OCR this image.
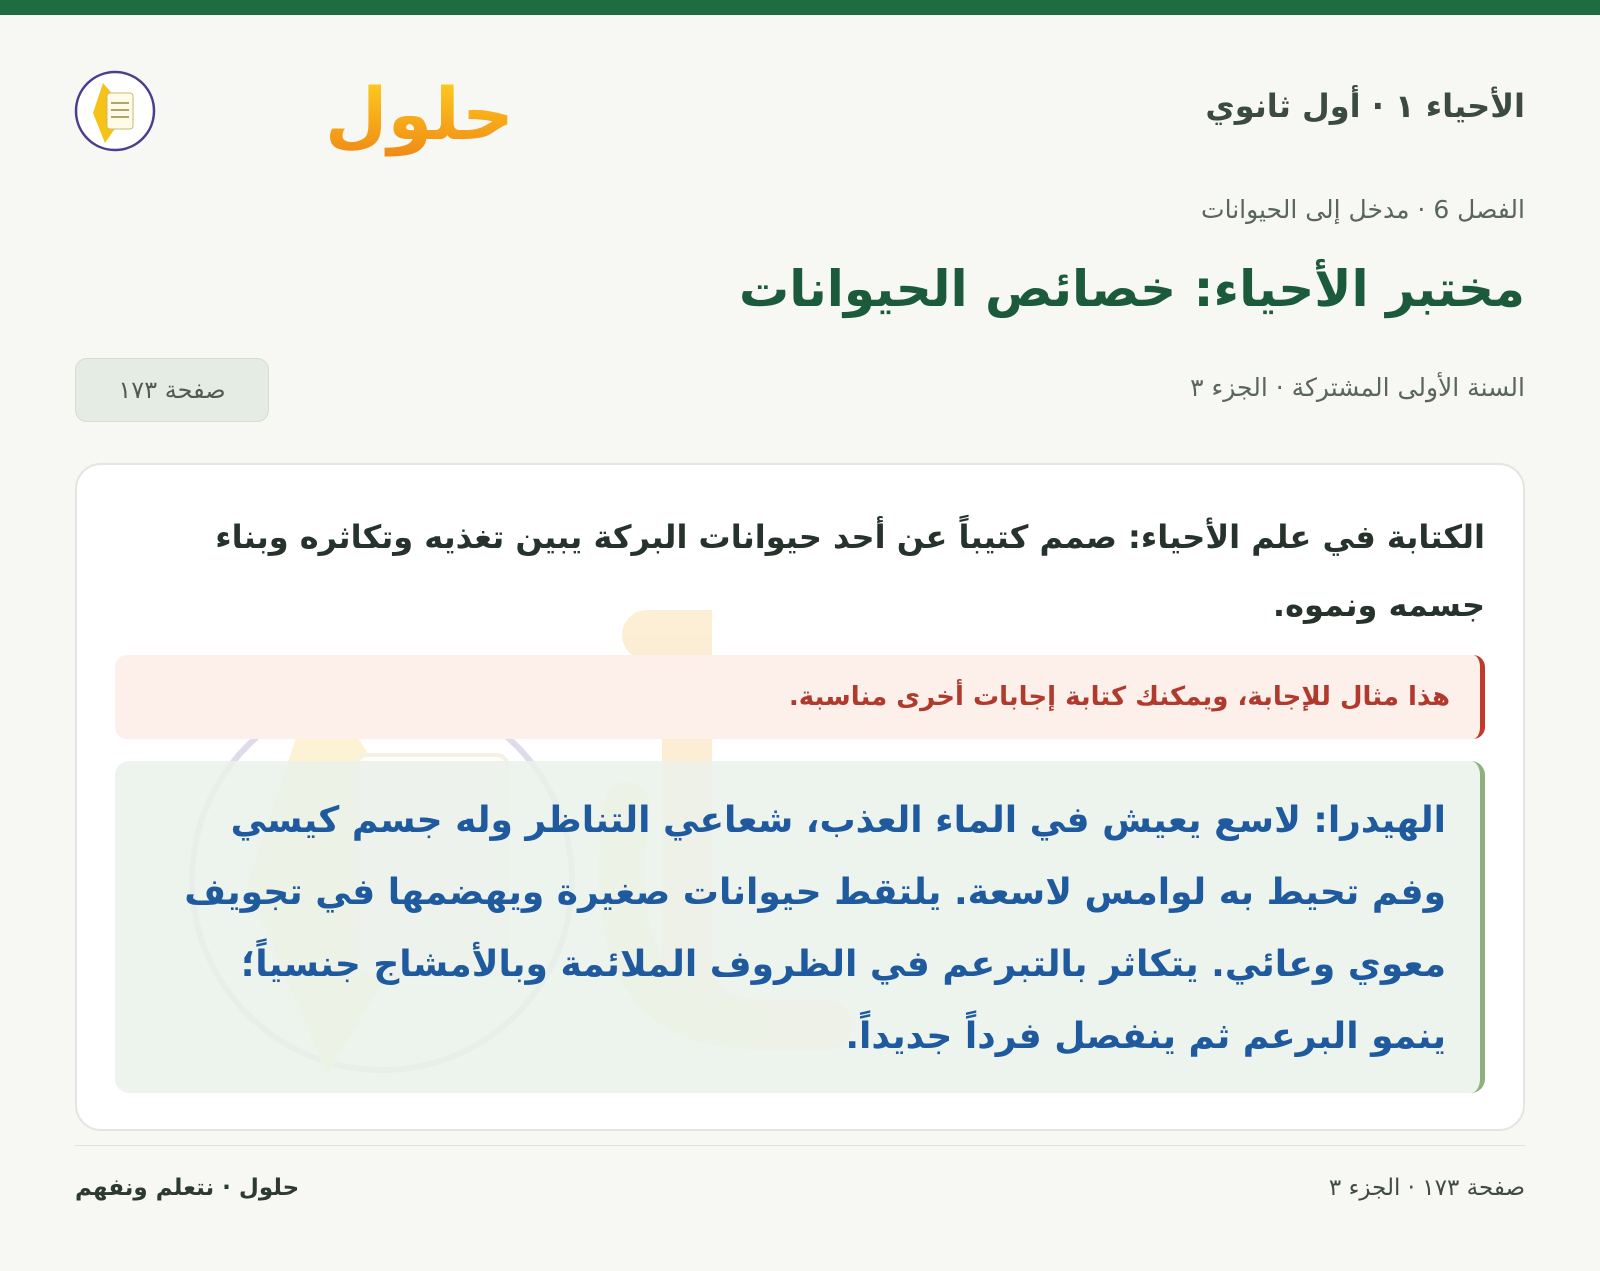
الأحياء ١ · أول ثانوي
حلول
الفصل 6 · مدخل إلى الحيوانات
مختبر الأحياء: خصائص الحيوانات
السنة الأولى المشتركة · الجزء ٣
صفحة ١٧٣
الكتابة في علم الأحياء: صمم كتيباً عن أحد حيوانات البركة يبين تغذيه وتكاثره وبناء جسمه ونموه.
هذا مثال للإجابة، ويمكنك كتابة إجابات أخرى مناسبة.
الهيدرا: لاسع يعيش في الماء العذب، شعاعي التناظر وله جسم كيسي وفم تحيط به لوامس لاسعة. يلتقط حيوانات صغيرة ويهضمها في تجويف معوي وعائي. يتكاثر بالتبرعم في الظروف الملائمة وبالأمشاج جنسياً؛ ينمو البرعم ثم ينفصل فرداً جديداً.
حلول · نتعلم ونفهم	صفحة ١٧٣ · الجزء ٣
